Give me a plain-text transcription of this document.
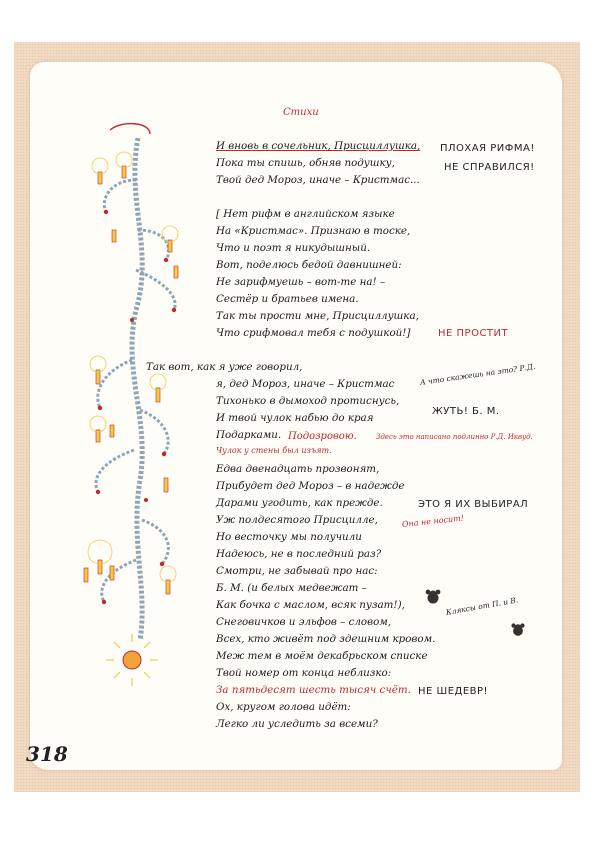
Стихи
И вновь в сочельник, Присциллушка,
Пока ты спишь, обняв подушку,
Твой дед Мороз, иначе – Кристмас...
[ Нет рифм в английском языке
На «Кристмас». Признаю в тоске,
Что и поэт я никудышный.
Вот, поделюсь бедой давнишней:
Не зарифмуешь – вот-те на! –
Сестёр и братьев имена.
Так ты прости мне, Присциллушка,
Что срифмовал тебя с подушкой!]
Так вот, как я уже говорил,
я, дед Мороз, иначе – Кристмас
Тихонько в дымоход протиснусь,
И твой чулок набью до края
Подарками.
Едва двенадцать прозвонят,
Прибудет дед Мороз – в надежде
Дарами угодить, как прежде.
Уж полдесятого Присцилле,
Но весточку мы получили
Надеюсь, не в последний раз?
Смотри, не забывай про нас:
Б. М. (и белых медвежат –
Как бочка с маслом, всяк пузат!),
Снеговичков и эльфов – словом,
Всех, кто живёт под здешним кровом.
Меж тем в моём декабрьском списке
Твой номер от конца неблизко:
За пятьдесят шесть тысяч счёт.
Ох, кругом голова идёт:
Легко ли уследить за всеми?
ПЛОХАЯ РИФМА!
НЕ СПРАВИЛСЯ!
НЕ ПРОСТИТ
А что скажешь на это? Р.Д.
ЖУТЬ! Б. М.
Подозрoвою.
Чулок у стены был изъят.
Здесь это написано подлинно Р.Д. Иквуд.
ЭТО Я ИХ ВЫБИРАЛ
Она не носит!
Кляксы от П. и В.
НЕ ШЕДЕВР!
318
